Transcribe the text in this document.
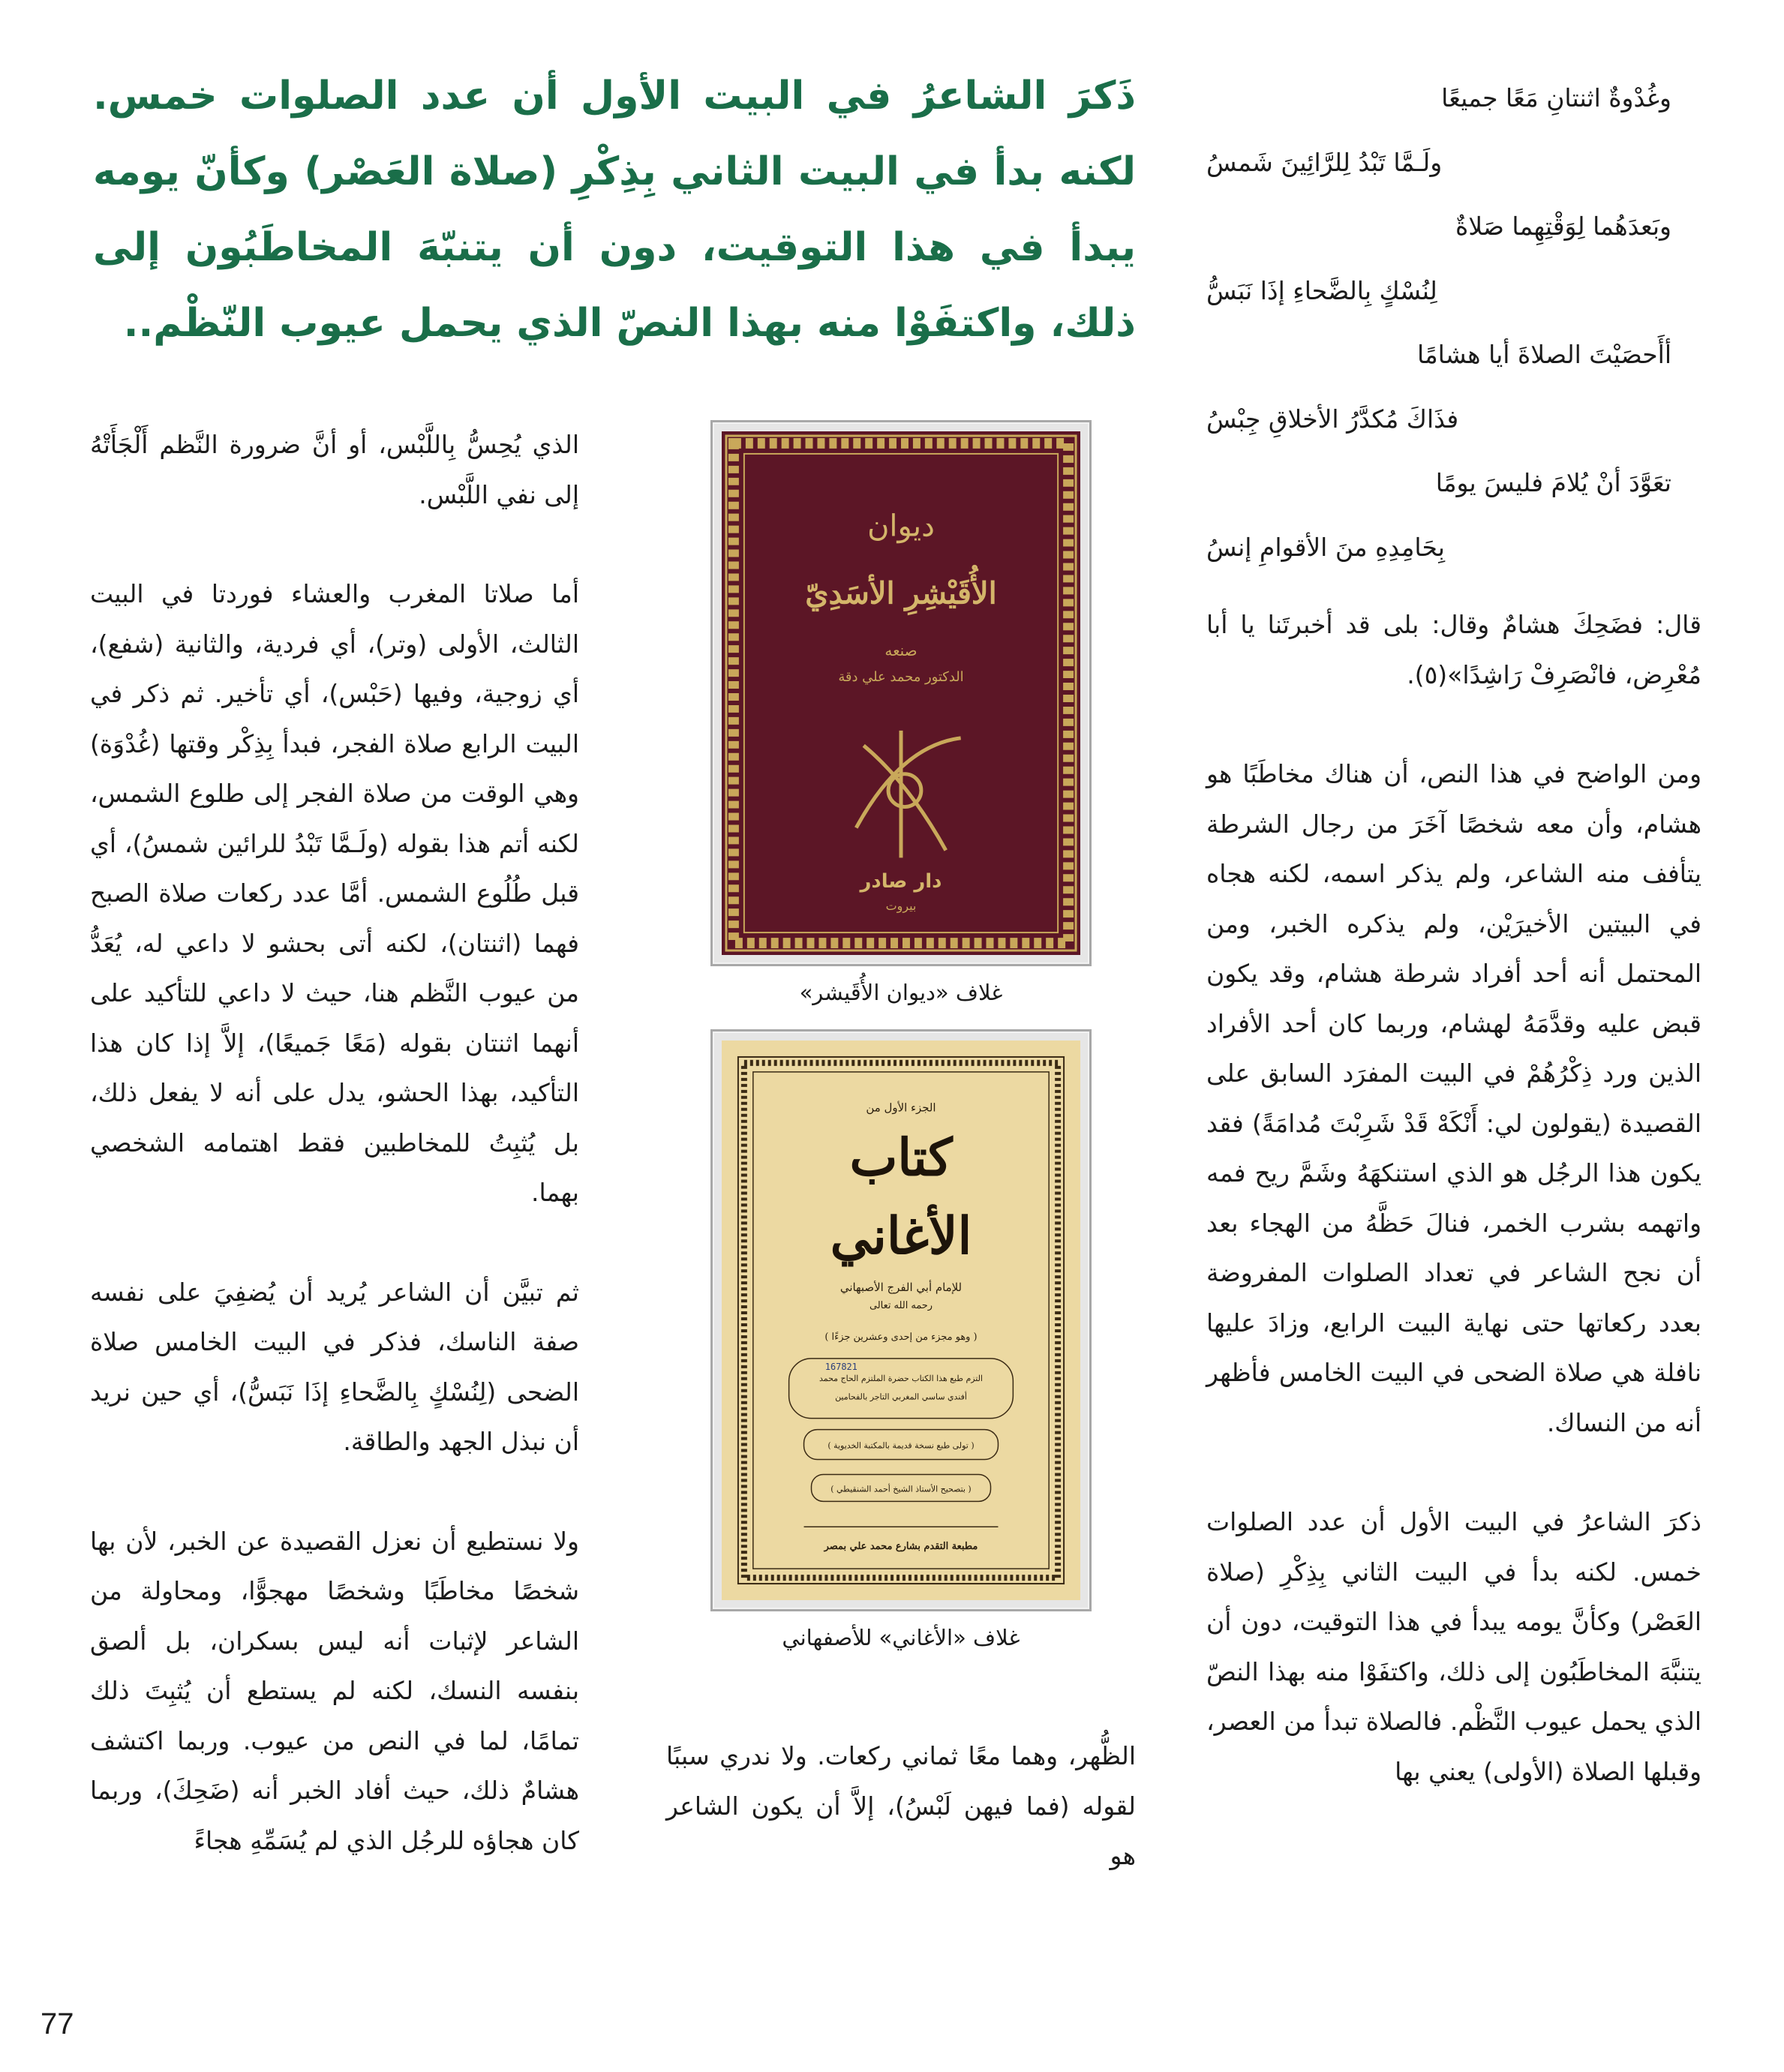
ذَكرَ الشاعرُ في البيت الأول أن عدد الصلوات خمس. لكنه بدأ في البيت الثاني بِذِكْرِ (صلاة العَصْر) وكأنّ يومه يبدأ في هذا التوقيت، دون أن يتنبّهَ المخاطَبُون إلى ذلك، واكتفَوْا منه بهذا النصّ الذي يحمل عيوب النّظْم..
وغُدْوةٌ اثنتانِ مَعًا جميعًا
ولَـمَّا تَبْدُ لِلرَّائِينَ شَمسُ
وبَعدَهُما لِوَقْتِهِما صَلاةٌ
لِنُسْكٍ بِالضَّحاءِ إذَا نَبَسُّ
أأَحصَيْتَ الصلاةَ أيا هشامًا
فذَاكَ مُكدَّرُ الأخلاقِ جِبْسُ
تعَوَّدَ أنْ يُلامَ فليسَ يومًا
بِحَامِدِهِ منَ الأقوامِ إنسُ

قال: فضَحِكَ هشامٌ وقال: بلى قد أخبرتَنا يا أبا مُعْرِض، فانْصَرِفْ رَاشِدًا»(٥).

ومن الواضح في هذا النص، أن هناك مخاطَبًا هو هشام، وأن معه شخصًا آخَرَ من رجال الشرطة يتأفف منه الشاعر، ولم يذكر اسمه، لكنه هجاه في البيتين الأخيرَيْن، ولم يذكره الخبر، ومن المحتمل أنه أحد أفراد شرطة هشام، وقد يكون قبض عليه وقدَّمَهُ لهشام، وربما كان أحد الأفراد الذين ورد ذِكْرُهُمْ في البيت المفرَد السابق على القصيدة (يقولون لي: أَنْكَهْ قَدْ شَرِبْتَ مُدامَةً) فقد يكون هذا الرجُل هو الذي استنكهَهُ وشَمَّ ريح فمه واتهمه بشرب الخمر، فنالَ حَظَّهُ من الهجاء بعد أن نجح الشاعر في تعداد الصلوات المفروضة بعدد ركعاتها حتى نهاية البيت الرابع، وزادَ عليها نافلة هي صلاة الضحى في البيت الخامس فأظهر أنه من النساك.

ذكرَ الشاعرُ في البيت الأول أن عدد الصلوات خمس. لكنه بدأ في البيت الثاني بِذِكْرِ (صلاة العَصْر) وكأنَّ يومه يبدأ في هذا التوقيت، دون أن يتنبَّهَ المخاطَبُون إلى ذلك، واكتفَوْا منه بهذا النصّ الذي يحمل عيوب النَّظْم. فالصلاة تبدأ من العصر، وقبلها الصلاة (الأولى) يعني بها

ديوان
الأُقَيْشِرِ الأسَدِيّ
صنعه
الدكتور محمد علي دقة
دار صادر
بيروت
غلاف «ديوان الأُقَيشر»
الجزء الأول من
كتاب
الأغاني
للإمام أبي الفرج الأصبهاني
رحمه الله تعالى
( وهو مجزء من إحدى وعشرين جزءًا )
التزم طبع هذا الكتاب حضرة الملتزم الحاج محمد
أفندي ساسي المغربي التاجر بالفحامين
167821
( تولى طبع نسخة قديمة بالمكتبة الخديوية )
( بتصحيح الأستاذ الشيخ أحمد الشنقيطي )
مطبعة التقدم بشارع محمد علي بمصر
غلاف «الأغاني» للأصفهاني

الظُّهر، وهما معًا ثماني ركعات. ولا ندري سببًا لقوله (فما فيهن لَبْسُ)، إلاَّ أن يكون الشاعر هو

الذي يُحِسُّ بِاللَّبْس، أو أنَّ ضرورة النَّظم أَلْجَأَتْهُ إلى نفي اللَّبْس.

أما صلاتا المغرب والعشاء فوردتا في البيت الثالث، الأولى (وتر)، أي فردية، والثانية (شفع)، أي زوجية، وفيها (حَبْس)، أي تأخير. ثم ذكر في البيت الرابع صلاة الفجر، فبدأ بِذِكْر وقتها (غُدْوَة) وهي الوقت من صلاة الفجر إلى طلوع الشمس، لكنه أتم هذا بقوله (ولَـمَّا تَبْدُ للرائين شمسُ)، أي قبل طُلُوع الشمس. أمَّا عدد ركعات صلاة الصبح فهما (اثنتان)، لكنه أتى بحشو لا داعي له، يُعَدُّ من عيوب النَّظم هنا، حيث لا داعي للتأكيد على أنهما اثنتان بقوله (مَعًا جَميعًا)، إلاَّ إذا كان هذا التأكيد، بهذا الحشو، يدل على أنه لا يفعل ذلك، بل يُثبِتُ للمخاطبين فقط اهتمامه الشخصي بهما.

ثم تبيَّن أن الشاعر يُريد أن يُضفِيَ على نفسه صفة الناسك، فذكر في البيت الخامس صلاة الضحى (لِنُسْكٍ بِالضَّحاءِ إذَا نَبَسُّ)، أي حين نريد أن نبذل الجهد والطاقة.

ولا نستطيع أن نعزل القصيدة عن الخبر، لأن بها شخصًا مخاطَبًا وشخصًا مهجوًّا، ومحاولة من الشاعر لإثبات أنه ليس بسكران، بل ألصق بنفسه النسك، لكنه لم يستطع أن يُثبِتَ ذلك تمامًا، لما في النص من عيوب. وربما اكتشف هشامٌ ذلك، حيث أفاد الخبر أنه (ضَحِكَ)، وربما كان هجاؤه للرجُل الذي لم يُسَمِّهِ هجاءً

77
